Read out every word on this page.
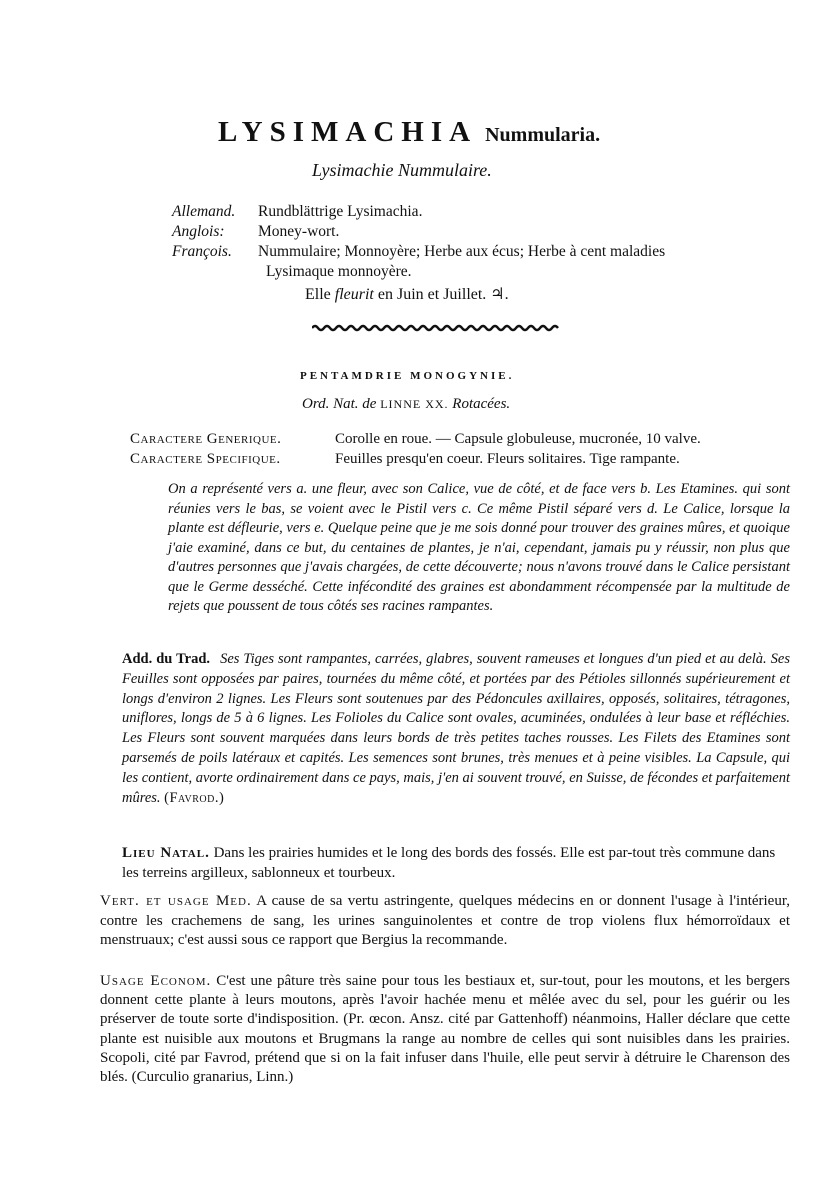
LYSIMACHIA Nummularia.
Lysimachie Nummulaire.
Allemand.	Rundblättrige Lysimachia.
Anglois:	Money-wort.
François.	Nummulaire; Monnoyère; Herbe aux écus; Herbe à cent maladies
Lysimaque monnoyère.
Elle fleurit en Juin et Juillet. ♃.
PENTAMDRIE MONOGYNIE.
Ord. Nat. de LINNE XX. Rotacées.
Caractere Generique.	Corolle en roue. — Capsule globuleuse, mucronée, 10 valve.
Caractere Specifique.	Feuilles presqu'en coeur. Fleurs solitaires. Tige rampante.
On a représenté vers a. une fleur, avec son Calice, vue de côté, et de face vers b. Les Etamines. qui sont réunies vers le bas, se voient avec le Pistil vers c. Ce même Pistil séparé vers d. Le Calice, lorsque la plante est défleurie, vers e. Quelque peine que je me sois donné pour trouver des graines mûres, et quoique j'aie examiné, dans ce but, du centaines de plantes, je n'ai, cependant, jamais pu y réussir, non plus que d'autres personnes que j'avais chargées, de cette découverte; nous n'avons trouvé dans le Calice persistant que le Germe desséché. Cette infécondité des graines est abondamment récompensée par la multitude de rejets que poussent de tous côtés ses racines rampantes.
Add. du Trad. Ses Tiges sont rampantes, carrées, glabres, souvent rameuses et longues d'un pied et au delà. Ses Feuilles sont opposées par paires, tournées du même côté, et portées par des Pétioles sillonnés supérieurement et longs d'environ 2 lignes. Les Fleurs sont soutenues par des Pédoncules axillaires, opposés, solitaires, tétragones, uniflores, longs de 5 à 6 lignes. Les Folioles du Calice sont ovales, acuminées, ondulées à leur base et réfléchies. Les Fleurs sont souvent marquées dans leurs bords de très petites taches rousses. Les Filets des Etamines sont parsemés de poils latéraux et capités. Les semences sont brunes, très menues et à peine visibles. La Capsule, qui les contient, avorte ordinairement dans ce pays, mais, j'en ai souvent trouvé, en Suisse, de fécondes et parfaitement mûres. (Favrod.)
Lieu Natal. Dans les prairies humides et le long des bords des fossés. Elle est par-tout très commune dans les terreins argilleux, sablonneux et tourbeux.
Vert. et usage Med. A cause de sa vertu astringente, quelques médecins en or donnent l'usage à l'intérieur, contre les crachemens de sang, les urines sanguinolentes et contre de trop violens flux hémorroïdaux et menstruaux; c'est aussi sous ce rapport que Bergius la recommande.
Usage Econom. C'est une pâture très saine pour tous les bestiaux et, sur-tout, pour les moutons, et les bergers donnent cette plante à leurs moutons, après l'avoir hachée menu et mêlée avec du sel, pour les guérir ou les préserver de toute sorte d'indisposition. (Pr. œcon. Ansz. cité par Gattenhoff) néanmoins, Haller déclare que cette plante est nuisible aux moutons et Brugmans la range au nombre de celles qui sont nuisibles dans les prairies. Scopoli, cité par Favrod, prétend que si on la fait infuser dans l'huile, elle peut servir à détruire le Charenson des blés. (Curculio granarius, Linn.)
